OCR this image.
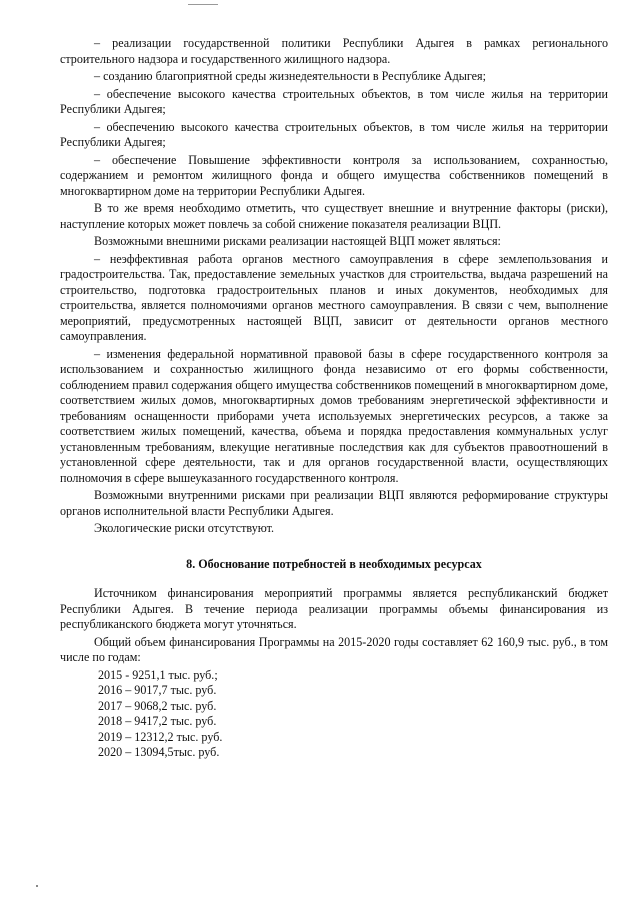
– реализации государственной политики Республики Адыгея в рамках регионального строительного надзора и государственного жилищного надзора.

– созданию благоприятной среды жизнедеятельности в Республике Адыгея;

– обеспечение высокого качества строительных объектов, в том числе жилья на территории Республики Адыгея;

– обеспечению высокого качества строительных объектов, в том числе жилья на территории Республики Адыгея;

– обеспечение Повышение эффективности контроля за использованием, сохранностью, содержанием и ремонтом жилищного фонда и общего имущества собственников помещений в многоквартирном доме на территории Республики Адыгея.

В то же время необходимо отметить, что существует внешние и внутренние факторы (риски), наступление которых может повлечь за собой снижение показателя реализации ВЦП.

Возможными внешними рисками реализации настоящей ВЦП может являться:

– неэффективная работа органов местного самоуправления в сфере землепользования и градостроительства. Так, предоставление земельных участков для строительства, выдача разрешений на строительство, подготовка градостроительных планов и иных документов, необходимых для строительства, является полномочиями органов местного самоуправления. В связи с чем, выполнение мероприятий, предусмотренных настоящей ВЦП, зависит от деятельности органов местного самоуправления.

– изменения федеральной нормативной правовой базы в сфере государственного контроля за использованием и сохранностью жилищного фонда независимо от его формы собственности, соблюдением правил содержания общего имущества собственников помещений в многоквартирном доме, соответствием жилых домов, многоквартирных домов требованиям энергетической эффективности и требованиям оснащенности приборами учета используемых энергетических ресурсов, а также за соответствием жилых помещений, качества, объема и порядка предоставления коммунальных услуг установленным требованиям, влекущие негативные последствия как для субъектов правоотношений в установленной сфере деятельности, так и для органов государственной власти, осуществляющих полномочия в сфере вышеуказанного государственного контроля.

Возможными внутренними рисками при реализации ВЦП являются реформирование структуры органов исполнительной власти Республики Адыгея.

Экологические риски отсутствуют.

8. Обоснование потребностей в необходимых ресурсах

Источником финансирования мероприятий программы является республиканский бюджет Республики Адыгея. В течение периода реализации программы объемы финансирования из республиканского бюджета могут уточняться.

Общий объем финансирования Программы на 2015-2020 годы составляет 62 160,9 тыс. руб., в том числе по годам:

2015 - 9251,1 тыс. руб.;
2016 – 9017,7 тыс. руб.
2017 – 9068,2 тыс. руб.
2018 – 9417,2 тыс. руб.
2019 – 12312,2 тыс. руб.
2020 – 13094,5тыс. руб.
